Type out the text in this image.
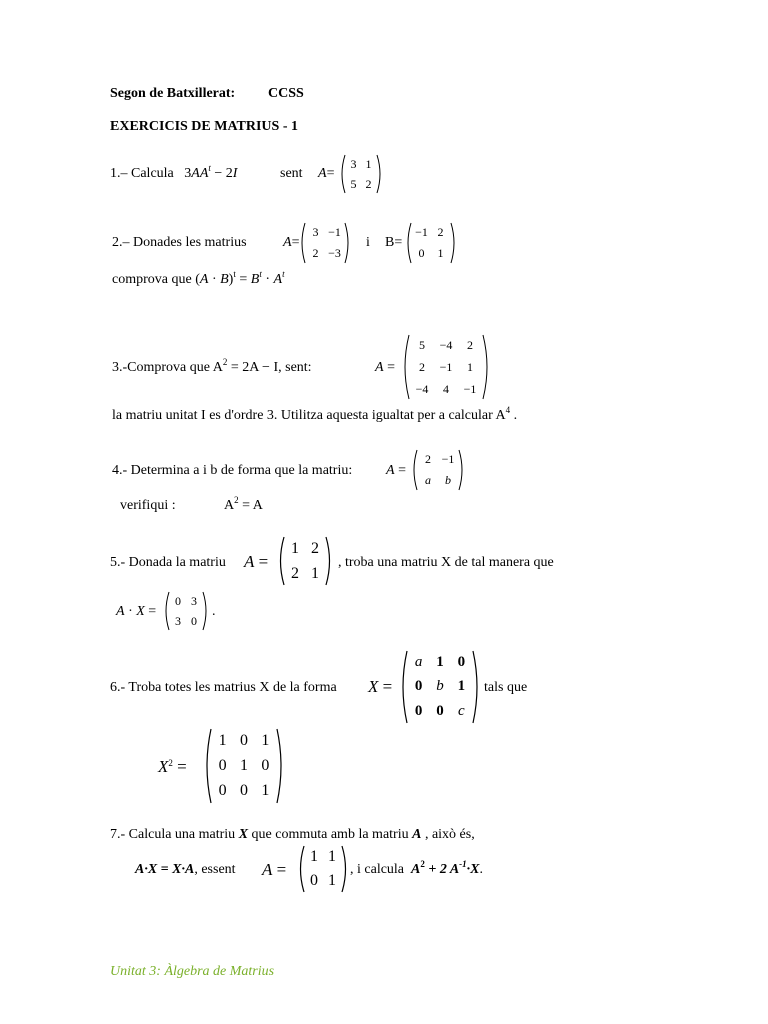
Segon de Batxillerat: CCSS
EXERCICIS DE MATRIUS - 1
1.– Calcula $3AA^t - 2I$	sent A=
3 1
5 2
2.– Donades les matrius	A=
3 −1
2 −3
i B=
−1 2
0 1
comprova que $(A \cdot B)^t = B^t \cdot A^t$
3.-Comprova que $A^2 = 2A - I$, sent:	A =
5 −4 2
2 −1 1
−4 4 −1
la matriu unitat I es d'ordre 3. Utilitza aquesta igualtat per a calcular $A^4$ .
4.- Determina a i b de forma que la matriu: A =
2 −1
a b
verifiqui :	$A^2 = A$
5.- Donada la matriu A =
1 2
2 1
, troba una matriu X de tal manera que
A · X =
0 3
3 0
.
6.- Troba totes les matrius X de la forma X =
a 1 0
0 b 1
0 0 c
tals que
$X^2$ =
1 0 1
0 1 0
0 0 1
7.- Calcula una matriu X que commuta amb la matriu A , això és,
A·X = X·A, essent A =
1 1
0 1
, i calcula $A^2 + 2$ $A^{-1}\cdot X$.
Unitat 3: Àlgebra de Matrius
